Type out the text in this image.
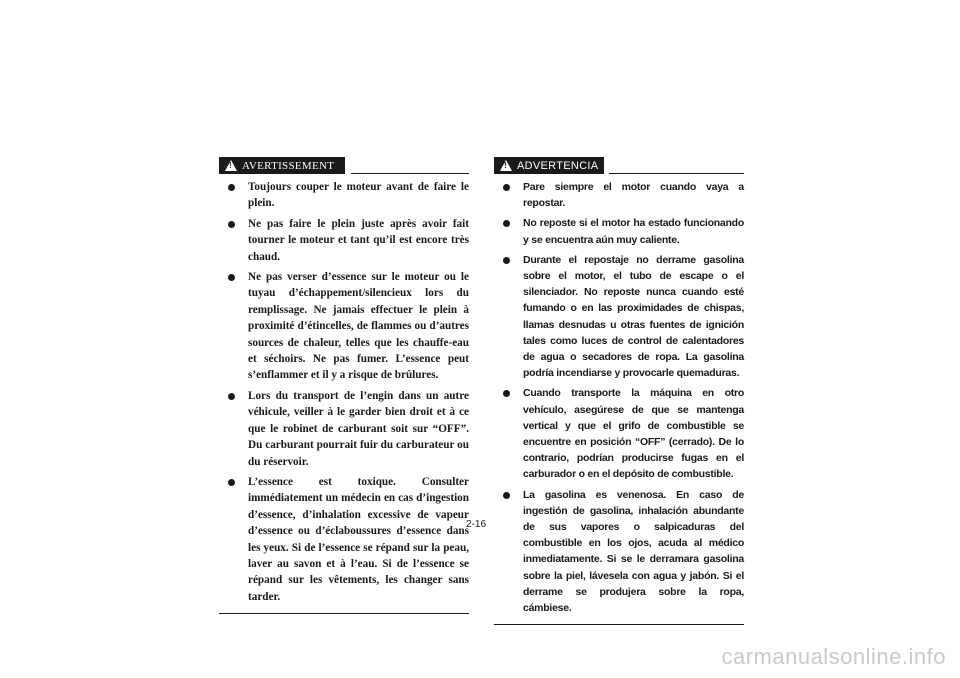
! AVERTISSEMENT
Toujours couper le moteur avant de faire le plein.
Ne pas faire le plein juste après avoir fait tourner le moteur et tant qu’il est encore très chaud.
Ne pas verser d’essence sur le moteur ou le tuyau d’échappement/silencieux lors du remplissage. Ne jamais effectuer le plein à proximité d’étincelles, de flammes ou d’autres sources de chaleur, telles que les chauffe-eau et séchoirs. Ne pas fumer. L’essence peut s’enflammer et il y a risque de brûlures.
Lors du transport de l’engin dans un autre véhicule, veiller à le garder bien droit et à ce que le robinet de carburant soit sur “OFF”. Du carburant pourrait fuir du carburateur ou du réservoir.
L’essence est toxique. Consulter immédiatement un médecin en cas d’ingestion d’essence, d’inhalation excessive de vapeur d’essence ou d’éclaboussures d’essence dans les yeux. Si de l’essence se répand sur la peau, laver au savon et à l’eau. Si de l’essence se répand sur les vêtements, les changer sans tarder.
! ADVERTENCIA
Pare siempre el motor cuando vaya a repostar.
No reposte si el motor ha estado funcionando y se encuentra aún muy caliente.
Durante el repostaje no derrame gasolina sobre el motor, el tubo de escape o el silenciador. No reposte nunca cuando esté fumando o en las proximidades de chispas, llamas desnudas u otras fuentes de ignición tales como luces de control de calentadores de agua o secadores de ropa. La gasolina podría incendiarse y provocarle quemaduras.
Cuando transporte la máquina en otro vehículo, asegúrese de que se mantenga vertical y que el grifo de combustible se encuentre en posición “OFF” (cerrado). De lo contrario, podrían producirse fugas en el carburador o en el depósito de combustible.
La gasolina es venenosa. En caso de ingestión de gasolina, inhalación abundante de sus vapores o salpicaduras del combustible en los ojos, acuda al médico inmediatamente. Si se le derramara gasolina sobre la piel, lávesela con agua y jabón. Si el derrame se produjera sobre la ropa, cámbiese.
2-16
carmanualsonline.info
